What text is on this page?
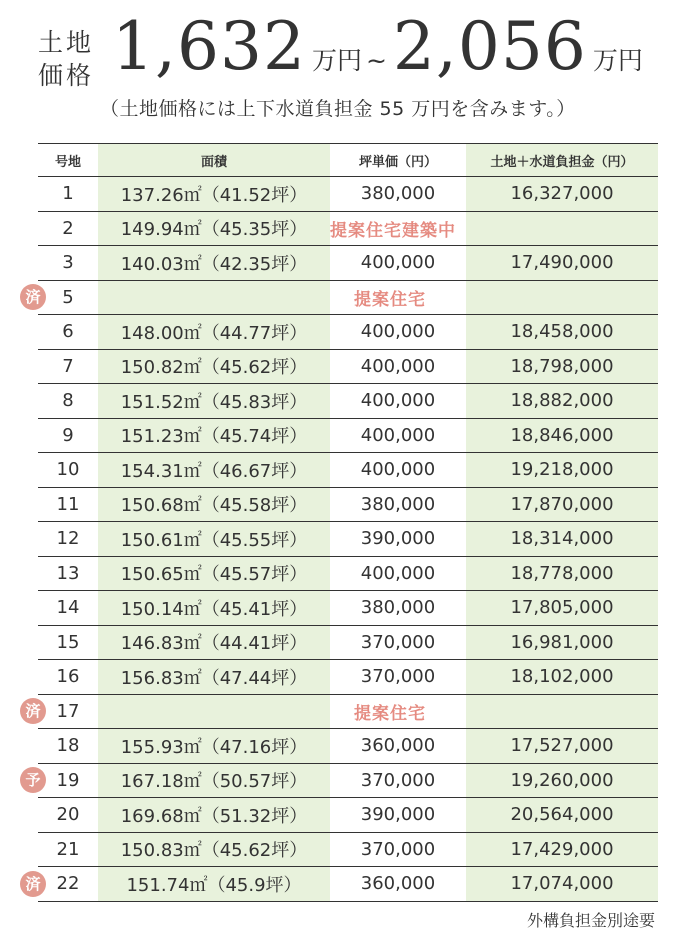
土地
価格 1,632 万円 ~ 2,056 万円
（土地価格には上下水道負担金 55 万円を含みます。）
号地	面積	坪単価（円）	土地＋水道負担金（円）
1	137.26㎡（41.52坪）	380,000	16,327,000
2	149.94㎡（45.35坪）	提案住宅建築中	
3	140.03㎡（42.35坪）	400,000	17,490,000

済 5		提案住宅	
6	148.00㎡（44.77坪）	400,000	18,458,000
7	150.82㎡（45.62坪）	400,000	18,798,000
8	151.52㎡（45.83坪）	400,000	18,882,000
9	151.23㎡（45.74坪）	400,000	18,846,000
10	154.31㎡（46.67坪）	400,000	19,218,000
11	150.68㎡（45.58坪）	380,000	17,870,000
12	150.61㎡（45.55坪）	390,000	18,314,000
13	150.65㎡（45.57坪）	400,000	18,778,000
14	150.14㎡（45.41坪）	380,000	17,805,000
15	146.83㎡（44.41坪）	370,000	16,981,000
16	156.83㎡（47.44坪）	370,000	18,102,000

済 17		提案住宅	
18	155.93㎡（47.16坪）	360,000	17,527,000

予 19	167.18㎡（50.57坪）	370,000	19,260,000
20	169.68㎡（51.32坪）	390,000	20,564,000
21	150.83㎡（45.62坪）	370,000	17,429,000

済 22	151.74㎡（45.9坪）	360,000	17,074,000
外構負担金別途要
